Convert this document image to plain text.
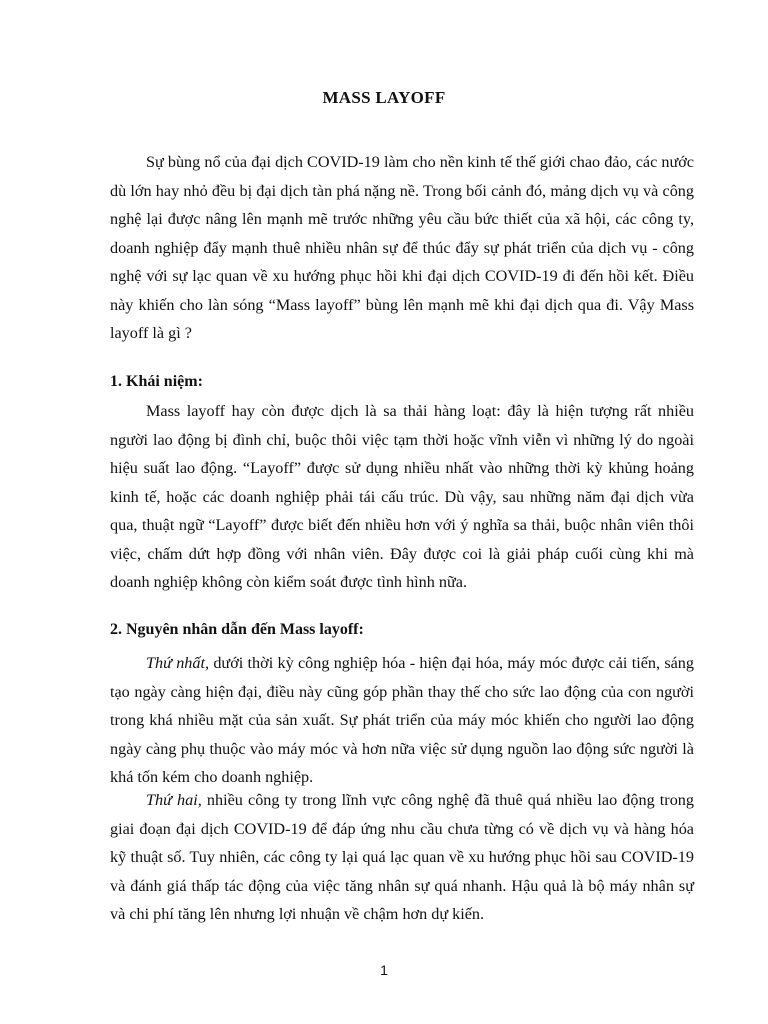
MASS LAYOFF

Sự bùng nổ của đại dịch COVID-19 làm cho nền kinh tế thế giới chao đảo, các nước dù lớn hay nhỏ đều bị đại dịch tàn phá nặng nề. Trong bối cảnh đó, mảng dịch vụ và công nghệ lại được nâng lên mạnh mẽ trước những yêu cầu bức thiết của xã hội, các công ty, doanh nghiệp đẩy mạnh thuê nhiều nhân sự để thúc đẩy sự phát triển của dịch vụ - công nghệ với sự lạc quan về xu hướng phục hồi khi đại dịch COVID-19 đi đến hồi kết. Điều này khiến cho làn sóng “Mass layoff” bùng lên mạnh mẽ khi đại dịch qua đi. Vậy Mass layoff là gì ?

1. Khái niệm:

Mass layoff hay còn được dịch là sa thải hàng loạt: đây là hiện tượng rất nhiều người lao động bị đình chỉ, buộc thôi việc tạm thời hoặc vĩnh viễn vì những lý do ngoài hiệu suất lao động. “Layoff” được sử dụng nhiều nhất vào những thời kỳ khủng hoảng kinh tế, hoặc các doanh nghiệp phải tái cấu trúc. Dù vậy, sau những năm đại dịch vừa qua, thuật ngữ “Layoff” được biết đến nhiều hơn với ý nghĩa sa thải, buộc nhân viên thôi việc, chấm dứt hợp đồng với nhân viên. Đây được coi là giải pháp cuối cùng khi mà doanh nghiệp không còn kiểm soát được tình hình nữa.

2. Nguyên nhân dẫn đến Mass layoff:

Thứ nhất, dưới thời kỳ công nghiệp hóa - hiện đại hóa, máy móc được cải tiến, sáng tạo ngày càng hiện đại, điều này cũng góp phần thay thế cho sức lao động của con người trong khá nhiều mặt của sản xuất. Sự phát triển của máy móc khiến cho người lao động ngày càng phụ thuộc vào máy móc và hơn nữa việc sử dụng nguồn lao động sức người là khá tốn kém cho doanh nghiệp.

Thứ hai, nhiều công ty trong lĩnh vực công nghệ đã thuê quá nhiều lao động trong giai đoạn đại dịch COVID-19 để đáp ứng nhu cầu chưa từng có về dịch vụ và hàng hóa kỹ thuật số. Tuy nhiên, các công ty lại quá lạc quan về xu hướng phục hồi sau COVID-19 và đánh giá thấp tác động của việc tăng nhân sự quá nhanh. Hậu quả là bộ máy nhân sự và chi phí tăng lên nhưng lợi nhuận về chậm hơn dự kiến.

1
